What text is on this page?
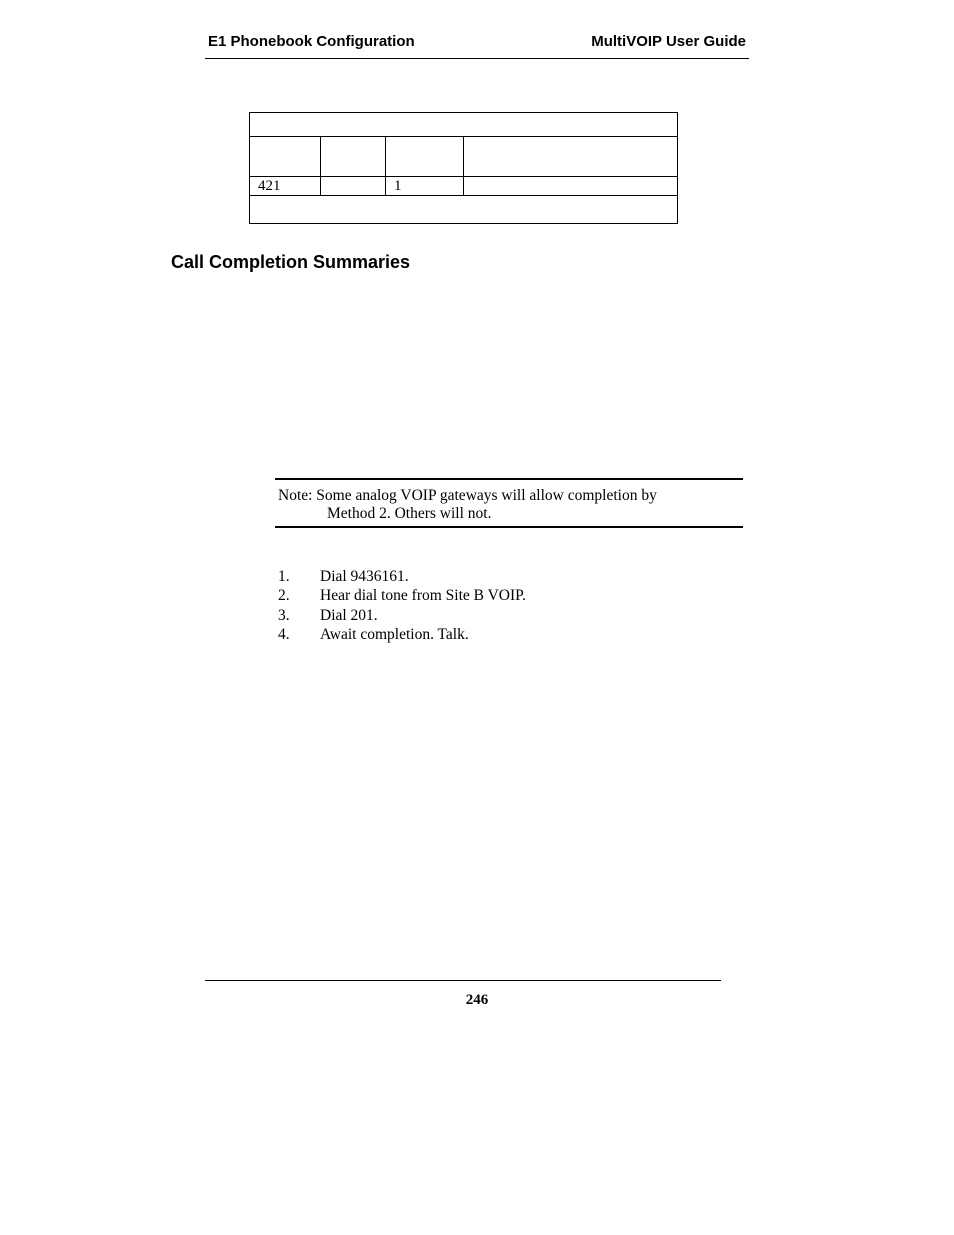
E1 Phonebook Configuration	MultiVOIP User Guide

421		1	

Call Completion Summaries
Note: Some analog VOIP gateways will allow completion by
Method 2. Others will not.
1. Dial 9436161.
2. Hear dial tone from Site B VOIP.
3. Dial 201.
4. Await completion. Talk.
246
